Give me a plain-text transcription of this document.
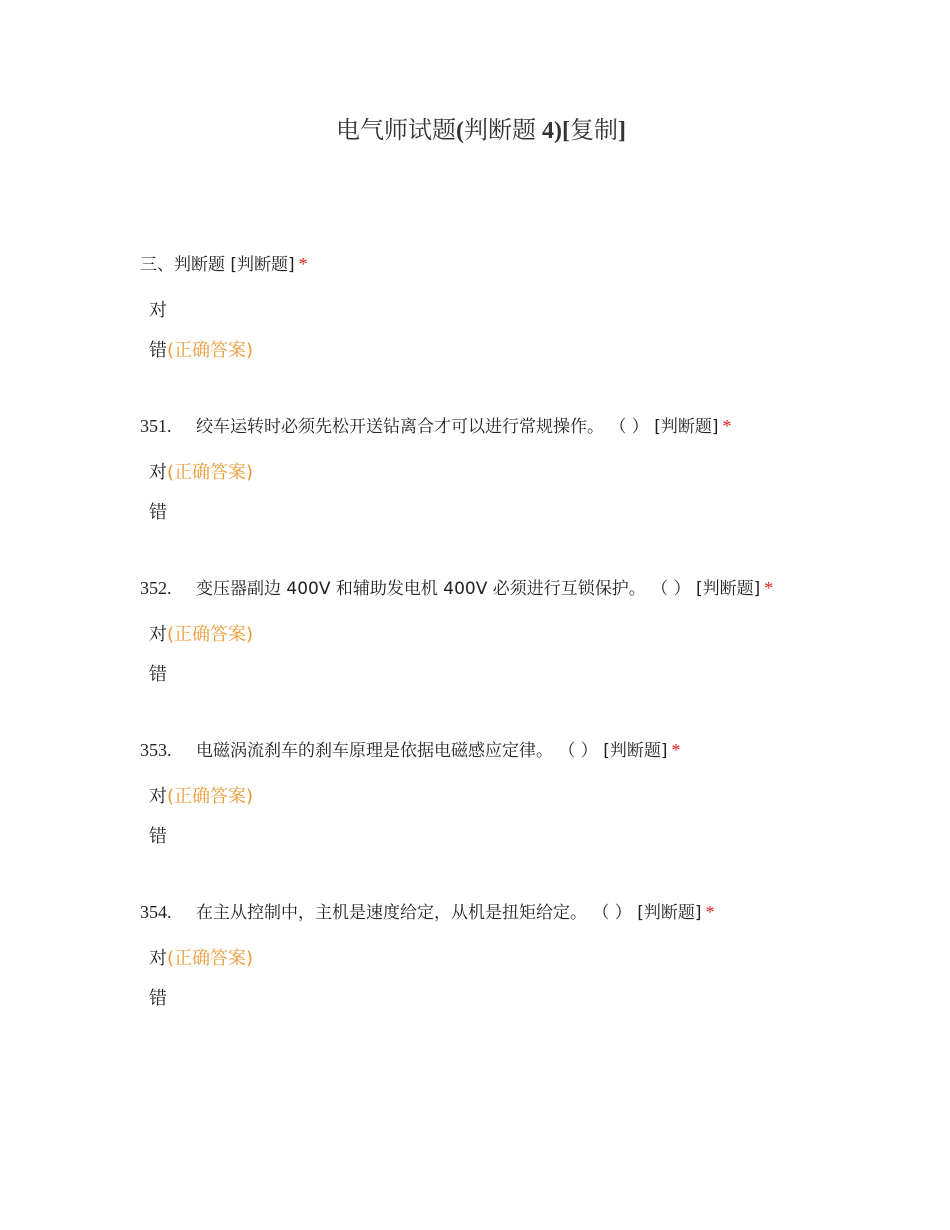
电气师试题(判断题 4)[复制]
三、判断题 [判断题] *
对
错(正确答案)
351. 绞车运转时必须先松开送钻离合才可以进行常规操作。 （ ） [判断题] *
对(正确答案)
错
352. 变压器副边 400V 和辅助发电机 400V 必须进行互锁保护。 （ ） [判断题] *
对(正确答案)
错
353. 电磁涡流刹车的刹车原理是依据电磁感应定律。 （ ） [判断题] *
对(正确答案)
错
354. 在主从控制中，主机是速度给定，从机是扭矩给定。 （ ） [判断题] *
对(正确答案)
错
